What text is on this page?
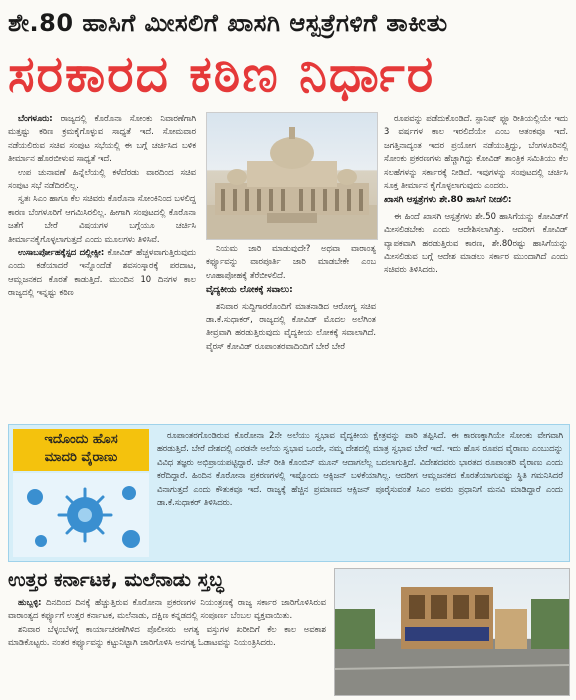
ಶೇ.80 ಹಾಸಿಗೆ ಮೀಸಲಿಗೆ ಖಾಸಗಿ ಆಸ್ಪತ್ರೆಗಳಿಗೆ ತಾಕೀತು
ಸರಕಾರದ ಕಠಿಣ ನಿರ್ಧಾರ

ಬೆಂಗಳೂರು: ರಾಜ್ಯದಲ್ಲಿ ಕೊರೊನಾ ಸೋಂಕು ನಿವಾರಣೆಗಾಗಿ ಮತ್ತಷ್ಟು ಕಠಿಣ ಕ್ರಮಕೈಗೊಳ್ಳುವ ಸಾಧ್ಯತೆ ಇದೆ. ಸೋಮವಾರ ನಡೆಯಲಿರುವ ಸಚಿವ ಸಂಪುಟ ಸಭೆಯಲ್ಲಿ ಈ ಬಗ್ಗೆ ಚರ್ಚಿಸಿದ ಬಳಿಕ ತೀರ್ಮಾನ ಹೊರಬೀಳುವ ಸಾಧ್ಯತೆ ಇದೆ.

ಉಪ ಚುನಾವಣೆ ಹಿನ್ನೆಲೆಯಲ್ಲಿ ಕಳೆದೆರಡು ವಾರದಿಂದ ಸಚಿವ ಸಂಪುಟ ಸಭೆ ನಡೆದಿರಲಿಲ್ಲ.

ಸ್ವತಃ ಸಿಎಂ ಹಾಗೂ ಕೆಲ ಸಚಿವರು ಕೊರೊನಾ ಸೋಂಕಿನಿಂದ ಬಳಲಿದ್ದ ಕಾರಣ ಬೆಂಗಳೂರಿಗೆ ಆಗಮಿಸಿರಲಿಲ್ಲ. ಹೀಗಾಗಿ ಸಂಪುಟದಲ್ಲಿ ಕೊರೊನಾ ಜತೆಗೆ ಬೇರೆ ವಿಷಯಗಳ ಬಗ್ಗೆಯೂ ಚರ್ಚಿಸಿ ತೀರ್ಮಾನಕೈಗೊಳ್ಳಲಾಗುತ್ತದೆ ಎಂದು ಮೂಲಗಳು ತಿಳಿಸಿವೆ.

ಉಸಾಬರ್ಪೋಹಕ್ಕೆಸ್ಪದ ದಲ್ಲೀಕ್ಸೀ: ಕೋವಿಡ್ ಹೆಚ್ಚಳವಾಗುತ್ತಿರುವುದು ಎಂದು ಕಡೆಯಾದರೆ ಇನ್ನೊಂದೆಡೆ ಶವಸಂಸ್ಕಾರಕ್ಕೆ ಪರದಾಟ, ಆಮ್ಲಜನಕದ ಕೊರತೆ ಕಾಡುತ್ತಿದೆ. ಮುಂದಿನ 10 ದಿನಗಳ ಕಾಲ ರಾಜ್ಯದಲ್ಲಿ ಇನ್ನಷ್ಟು ಕಠಿಣ

ನಿಯಮ ಜಾರಿ ಮಾಡುವುದೇ? ಅಥವಾ ವಾರಾಂತ್ಯ ಕರ್ಫ್ಯೂವನ್ನು ವಾರಪೂರ್ತಿ ಜಾರಿ ಮಾಡಬೇಕೇ ಎಂಬ ಊಹಾಪೋಹಕ್ಕೆ ತೆರೆಬೀಳಲಿದೆ.

ವೈದ್ಯಕೀಯ ಲೋಕಕ್ಕೆ ಸವಾಲು:

ಶನಿವಾರ ಸುದ್ದಿಗಾರರೊಂದಿಗೆ ಮಾತನಾಡಿದ ಆರೋಗ್ಯ ಸಚಿವ ಡಾ.ಕೆ.ಸುಧಾಕರ್, ರಾಜ್ಯದಲ್ಲಿ ಕೋವಿಡ್ ಮೊದಲ ಅಲೆಗಿಂತ ತೀವ್ರವಾಗಿ ಹರಡುತ್ತಿರುವುದು ವೈದ್ಯಕೀಯ ಲೋಕಕ್ಕೆ ಸವಾಲಾಗಿದೆ. ವೈರಸ್ ಕೋವಿಡ್ ರೂಪಾಂತರವಾದಿಂದಿಗೆ ಬೇರೆ ಬೇರೆ

ರೂಪವನ್ನು ಪಡೆದುಕೊಂಡಿದೆ. ಸ್ಪಾನಿಷ್ ಫ್ಲೂ ರೀತಿಯಲ್ಲಿಯೇ ಇದು 3 ವರ್ಷಗಳ ಕಾಲ ಇರಲಿದೆಯೇ ಎಂಬ ಆತಂಕವೂ ಇದೆ. ಜಗತ್ತಿನಾದ್ಯಂತ ಇದರ ಪ್ರಯೋಗ ನಡೆಯುತ್ತಿದ್ದು, ಬೆಂಗಳೂರಿನಲ್ಲಿ ಸೋಂಕು ಪ್ರಕರಣಗಳು ಹೆಚ್ಚಾಗಿದ್ದು ಕೋವಿಡ್ ತಾಂತ್ರಿಕ ಸಮಿತಿಯು ಕೆಲ ಸಲಹೆಗಳನ್ನು ಸರ್ಕಾರಕ್ಕೆ ನೀಡಿದೆ. ಇವುಗಳನ್ನು ಸಂಪುಟದಲ್ಲಿ ಚರ್ಚಿಸಿ ಸೂಕ್ತ ತೀರ್ಮಾನ ಕೈಗೊಳ್ಳಲಾಗುವುದು ಎಂದರು.

ಖಾಸಗಿ ಆಸ್ಪತ್ರೆಗಳು ಶೇ.80 ಹಾಸಿಗೆ ನೀಡಲಿ:

ಈ ಹಿಂದೆ ಖಾಸಗಿ ಆಸ್ಪತ್ರೆಗಳು ಶೇ.50 ಹಾಸಿಗೆಯನ್ನು ಕೋವಿಡ್‌ಗೆ ಮೀಸಲಿಡಬೇಕು ಎಂದು ಆದೇಶಿಸಲಾಗಿತ್ತು. ಆದರೀಗ ಕೋವಿಡ್ ವ್ಯಾಪಕವಾಗಿ ಹರಡುತ್ತಿರುವ ಕಾರಣ, ಶೇ.80ರಷ್ಟು ಹಾಸಿಗೆಯನ್ನು ಮೀಸಲಿಡುವ ಬಗ್ಗೆ ಆದೇಶ ಮಾಡಲು ಸರ್ಕಾರ ಮುಂದಾಗಿದೆ ಎಂದು ಸಚಿವರು ತಿಳಿಸಿದರು.

ಇದೊಂದು ಹೊಸ
ಮಾದರಿ ವೈರಾಣು

ರೂಪಾಂತರಗೊಂಡಿರುವ ಕೊರೋನಾ 2ನೇ ಅಲೆಯು ಸ್ವಭಾವ ವೈದ್ಯಕೀಯ ಕ್ಷೇತ್ರವನ್ನು ಪಾರಿ ತಪ್ಪಿಸಿದೆ. ಈ ಕಾರಣಕ್ಕಾಗಿಯೇ ಸೋಂಕು ವೇಗವಾಗಿ ಹರಡುತ್ತಿದೆ. ಬೇರೆ ದೇಶದಲ್ಲಿ ಎರಡನೇ ಅಲೆಯ ಸ್ವಭಾವ ಒಂದೇ, ನಮ್ಮ ದೇಶದಲ್ಲಿ ಮಾತ್ರ ಸ್ವಭಾವ ಬೇರೆ ಇದೆ. ಇದು ಹೊಸ ರೂಪದ ವೈರಾಣು ಎಂಬುದನ್ನು ವಿವಿಧ ತಜ್ಞರು ಅಭಿಪ್ರಾಯಪಟ್ಟಿದ್ದಾರೆ. ಚೆನ್ ರೀತಿ ಕೊಂಬಿನ್ ಮೂನ್ ಆದಾಗಲೆಲ್ಲ ಬದಲಾಗುತ್ತಿದೆ. ವಿದೇಶದವರು ಭಾರತದ ರೂಪಾಂತರಿ ವೈರಾಣು ಎಂದು ಕರೆದಿದ್ದಾರೆ. ಹಿಂದಿನ ಕೊರೋನಾ ಪ್ರಕರಣಗಳಲ್ಲಿ ಇಷ್ಟೊಂದು ಆಕ್ಸಿಜನ್ ಬಳಕೆಯಾಗಿಲ್ಲ. ಆದರೀಗ ಆಮ್ಲಜನಕದ ಕೊರತೆಯಾಗುವಷ್ಟು ಸ್ಥಿತಿ ಗಮನಿಸಿದರೆ ವಿನಾಗುತ್ತದೆ ಎಂದು ಕೌತುಕವೂ ಇದೆ. ರಾಜ್ಯಕ್ಕೆ ಹೆಚ್ಚಿನ ಪ್ರಮಾಣದ ಆಕ್ಸಿಜನ್ ಪೂರೈಸುವಂತೆ ಸಿಎಂ ಅವರು ಪ್ರಧಾನಿಗೆ ಮನವಿ ಮಾಡಿದ್ದಾರೆ ಎಂದು ಡಾ.ಕೆ.ಸುಧಾಕರ್ ತಿಳಿಸಿದರು.

ಉತ್ತರ ಕರ್ನಾಟಕ, ಮಲೆನಾಡು ಸ್ತಬ್ಧ

ಹುಬ್ಬಳ್ಳಿ: ದಿನದಿಂದ ದಿನಕ್ಕೆ ಹೆಚ್ಚುತ್ತಿರುವ ಕೊರೋನಾ ಪ್ರಕರಣಗಳ ನಿಯಂತ್ರಣಕ್ಕೆ ರಾಜ್ಯ ಸರ್ಕಾರ ಜಾರಿಗೊಳಿಸಿರುವ ವಾರಾಂತ್ಯದ ಕರ್ಫ್ಯೂಗೆ ಉತ್ತರ ಕರ್ನಾಟಕ, ಮಲೆನಾಡು, ದಕ್ಷಿಣ ಕನ್ನಡದಲ್ಲಿ ಸಂಪೂರ್ಣ ಬೆಂಬಲ ವ್ಯಕ್ತವಾಯಿತು.

ಶನಿವಾರ ಬೆಳ್ಳಂಬೆಳಗ್ಗೆ ಕಾರ್ಯಾಚರಣೆಗಿಳಿದ ಪೊಲೀಸರು ಅಗತ್ಯ ವಸ್ತುಗಳ ಖರೀದಿಗೆ ಕೆಲ ಕಾಲ ಅವಕಾಶ ಮಾಡಿಕೊಟ್ಟರು. ನಂತರ ಕರ್ಫ್ಯೂವನ್ನು ಕಟ್ಟುನಿಟ್ಟಾಗಿ ಜಾರಿಗೊಳಿಸಿ ಅನಗತ್ಯ ಓಡಾಟವನ್ನು ನಿಯಂತ್ರಿಸಿದರು.
